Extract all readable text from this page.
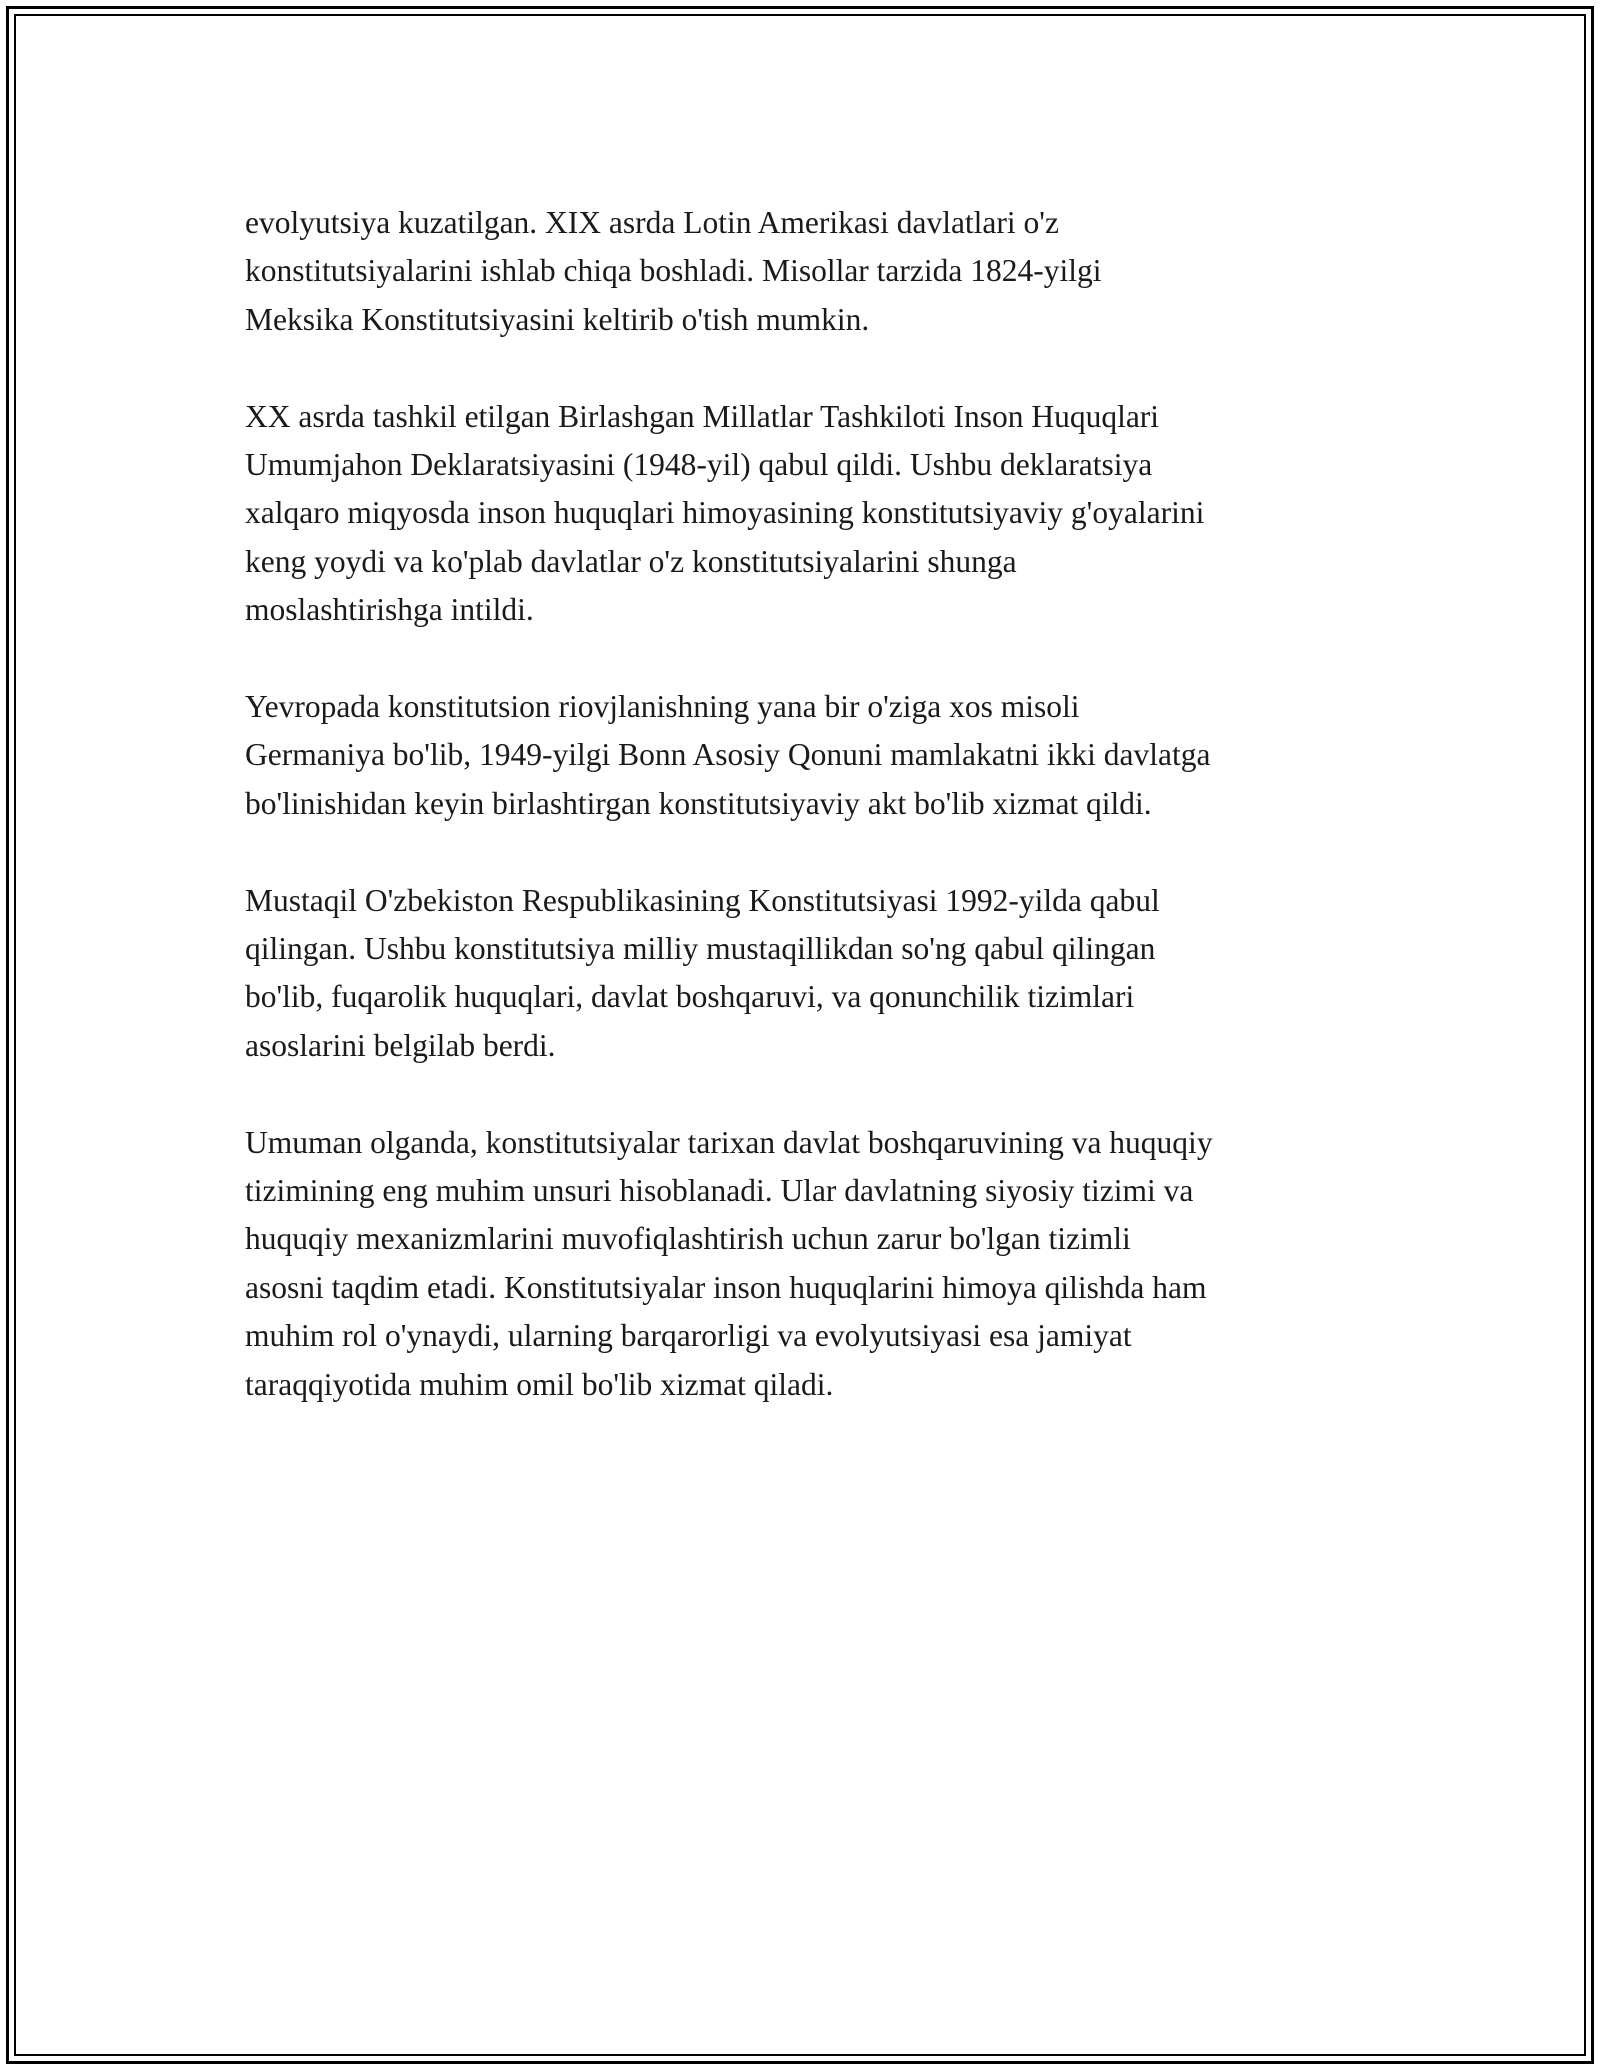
evolyutsiya kuzatilgan. XIX asrda Lotin Amerikasi davlatlari o'z
konstitutsiyalarini ishlab chiqa boshladi. Misollar tarzida 1824-yilgi
Meksika Konstitutsiyasini keltirib o'tish mumkin.

XX asrda tashkil etilgan Birlashgan Millatlar Tashkiloti Inson Huquqlari
Umumjahon Deklaratsiyasini (1948-yil) qabul qildi. Ushbu deklaratsiya
xalqaro miqyosda inson huquqlari himoyasining konstitutsiyaviy g'oyalarini
keng yoydi va ko'plab davlatlar o'z konstitutsiyalarini shunga
moslashtirishga intildi.

Yevropada konstitutsion riovjlanishning yana bir o'ziga xos misoli
Germaniya bo'lib, 1949-yilgi Bonn Asosiy Qonuni mamlakatni ikki davlatga
bo'linishidan keyin birlashtirgan konstitutsiyaviy akt bo'lib xizmat qildi.

Mustaqil O'zbekiston Respublikasining Konstitutsiyasi 1992-yilda qabul
qilingan. Ushbu konstitutsiya milliy mustaqillikdan so'ng qabul qilingan
bo'lib, fuqarolik huquqlari, davlat boshqaruvi, va qonunchilik tizimlari
asoslarini belgilab berdi.

Umuman olganda, konstitutsiyalar tarixan davlat boshqaruvining va huquqiy
tizimining eng muhim unsuri hisoblanadi. Ular davlatning siyosiy tizimi va
huquqiy mexanizmlarini muvofiqlashtirish uchun zarur bo'lgan tizimli
asosni taqdim etadi. Konstitutsiyalar inson huquqlarini himoya qilishda ham
muhim rol o'ynaydi, ularning barqarorligi va evolyutsiyasi esa jamiyat
taraqqiyotida muhim omil bo'lib xizmat qiladi.
